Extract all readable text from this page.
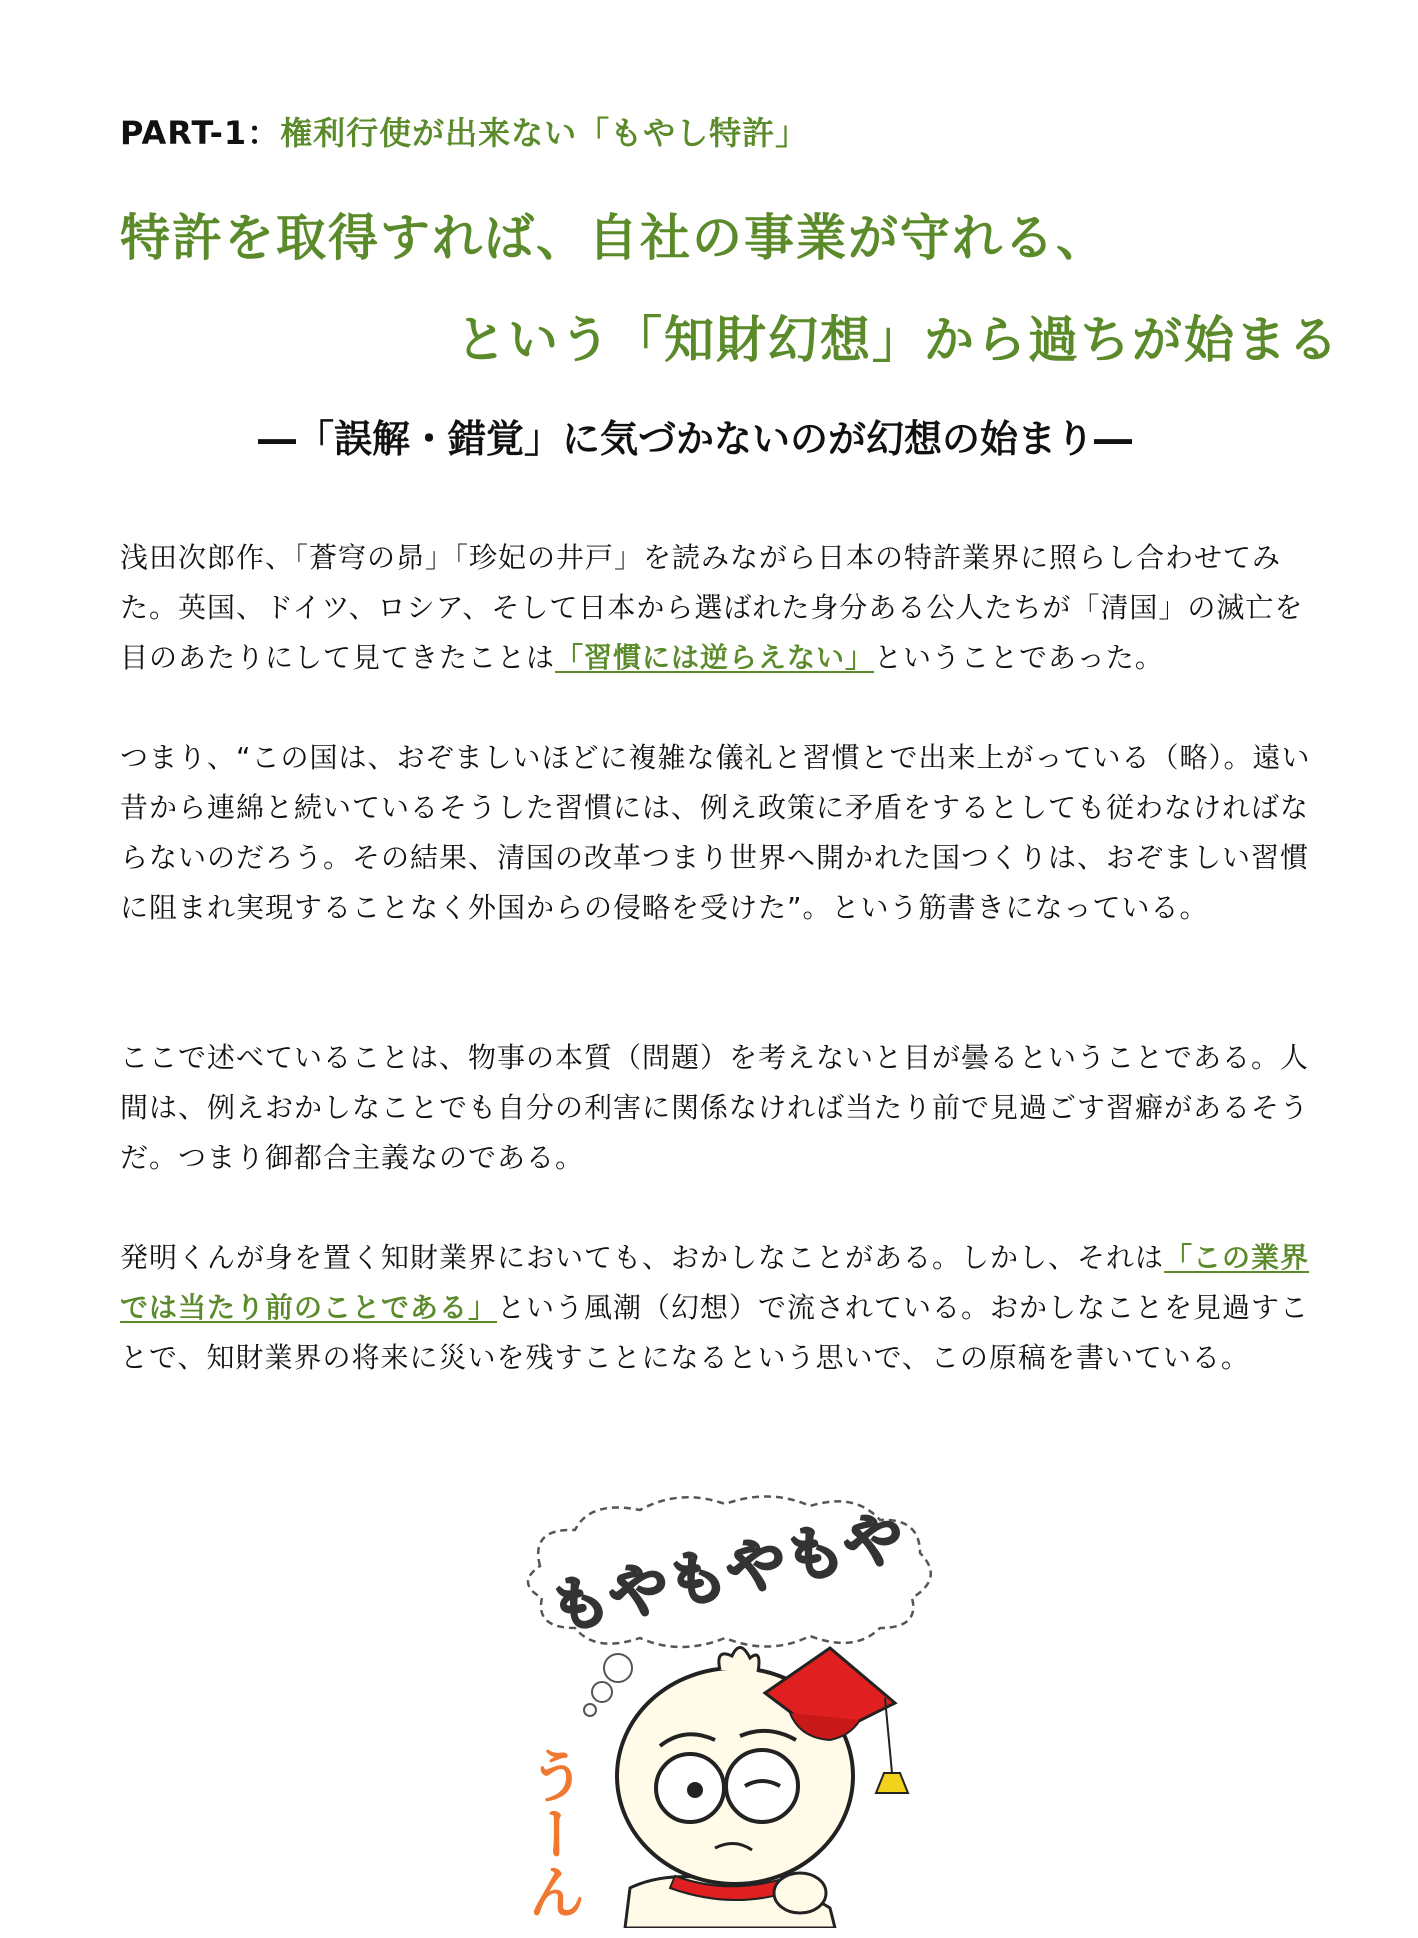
PART-1：権利行使が出来ない「もやし特許」
特許を取得すれば、自社の事業が守れる、
という「知財幻想」から過ちが始まる
―「誤解・錯覚」に気づかないのが幻想の始まり―

浅田次郎作、「蒼穹の昴」「珍妃の井戸」を読みながら日本の特許業界に照らし合わせてみた。英国、ドイツ、ロシア、そして日本から選ばれた身分ある公人たちが「清国」の滅亡を目のあたりにして見てきたことは「習慣には逆らえない」ということであった。

つまり、“この国は、おぞましいほどに複雑な儀礼と習慣とで出来上がっている（略）。遠い昔から連綿と続いているそうした習慣には、例え政策に矛盾をするとしても従わなければならないのだろう。その結果、清国の改革つまり世界へ開かれた国つくりは、おぞましい習慣に阻まれ実現することなく外国からの侵略を受けた”。という筋書きになっている。

ここで述べていることは、物事の本質（問題）を考えないと目が曇るということである。人間は、例えおかしなことでも自分の利害に関係なければ当たり前で見過ごす習癖があるそうだ。つまり御都合主義なのである。

発明くんが身を置く知財業界においても、おかしなことがある。しかし、それは「この業界では当たり前のことである」という風潮（幻想）で流されている。おかしなことを見過すことで、知財業界の将来に災いを残すことになるという思いで、この原稿を書いている。

もやもやもや
うーん
